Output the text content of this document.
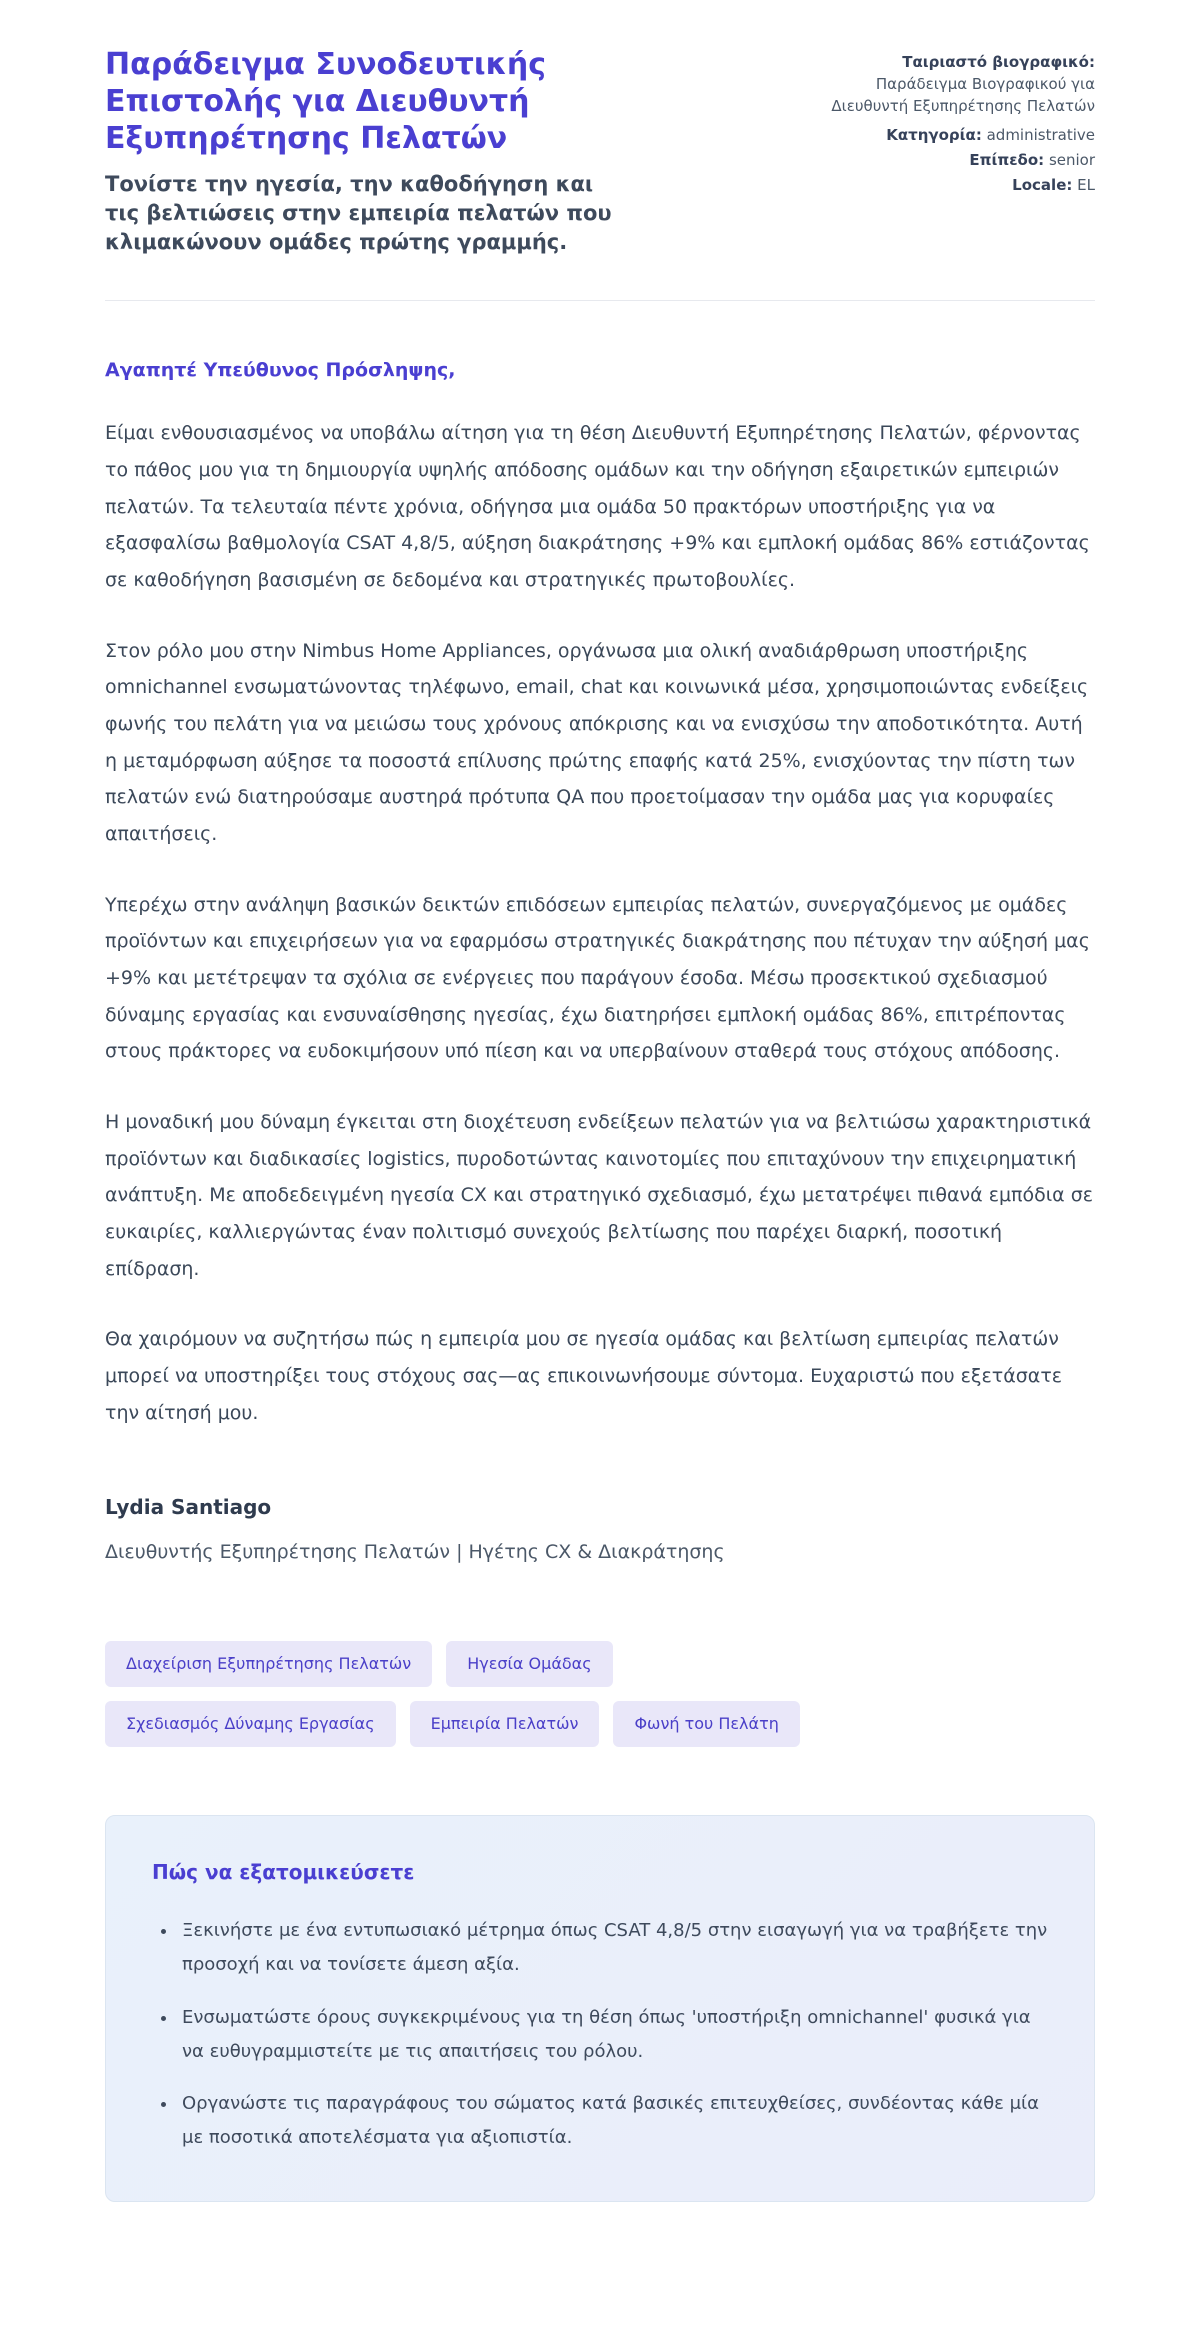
Παράδειγμα Συνοδευτικής Επιστολής για Διευθυντή Εξυπηρέτησης Πελατών

Τονίστε την ηγεσία, την καθοδήγηση και τις βελτιώσεις στην εμπειρία πελατών που κλιμακώνουν ομάδες πρώτης γραμμής.

Ταιριαστό βιογραφικό:
Παράδειγμα Βιογραφικού για Διευθυντή Εξυπηρέτησης Πελατών
Κατηγορία: administrative
Επίπεδο: senior
Locale: EL

Αγαπητέ Υπεύθυνος Πρόσληψης,

Είμαι ενθουσιασμένος να υποβάλω αίτηση για τη θέση Διευθυντή Εξυπηρέτησης Πελατών, φέρνοντας το πάθος μου για τη δημιουργία υψηλής απόδοσης ομάδων και την οδήγηση εξαιρετικών εμπειριών πελατών. Τα τελευταία πέντε χρόνια, οδήγησα μια ομάδα 50 πρακτόρων υποστήριξης για να εξασφαλίσω βαθμολογία CSAT 4,8/5, αύξηση διακράτησης +9% και εμπλοκή ομάδας 86% εστιάζοντας σε καθοδήγηση βασισμένη σε δεδομένα και στρατηγικές πρωτοβουλίες.

Στον ρόλο μου στην Nimbus Home Appliances, οργάνωσα μια ολική αναδιάρθρωση υποστήριξης omnichannel ενσωματώνοντας τηλέφωνο, email, chat και κοινωνικά μέσα, χρησιμοποιώντας ενδείξεις φωνής του πελάτη για να μειώσω τους χρόνους απόκρισης και να ενισχύσω την αποδοτικότητα. Αυτή η μεταμόρφωση αύξησε τα ποσοστά επίλυσης πρώτης επαφής κατά 25%, ενισχύοντας την πίστη των πελατών ενώ διατηρούσαμε αυστηρά πρότυπα QA που προετοίμασαν την ομάδα μας για κορυφαίες απαιτήσεις.

Υπερέχω στην ανάληψη βασικών δεικτών επιδόσεων εμπειρίας πελατών, συνεργαζόμενος με ομάδες προϊόντων και επιχειρήσεων για να εφαρμόσω στρατηγικές διακράτησης που πέτυχαν την αύξησή μας +9% και μετέτρεψαν τα σχόλια σε ενέργειες που παράγουν έσοδα. Μέσω προσεκτικού σχεδιασμού δύναμης εργασίας και ενσυναίσθησης ηγεσίας, έχω διατηρήσει εμπλοκή ομάδας 86%, επιτρέποντας στους πράκτορες να ευδοκιμήσουν υπό πίεση και να υπερβαίνουν σταθερά τους στόχους απόδοσης.

Η μοναδική μου δύναμη έγκειται στη διοχέτευση ενδείξεων πελατών για να βελτιώσω χαρακτηριστικά προϊόντων και διαδικασίες logistics, πυροδοτώντας καινοτομίες που επιταχύνουν την επιχειρηματική ανάπτυξη. Με αποδεδειγμένη ηγεσία CX και στρατηγικό σχεδιασμό, έχω μετατρέψει πιθανά εμπόδια σε ευκαιρίες, καλλιεργώντας έναν πολιτισμό συνεχούς βελτίωσης που παρέχει διαρκή, ποσοτική επίδραση.

Θα χαιρόμουν να συζητήσω πώς η εμπειρία μου σε ηγεσία ομάδας και βελτίωση εμπειρίας πελατών μπορεί να υποστηρίξει τους στόχους σας—ας επικοινωνήσουμε σύντομα. Ευχαριστώ που εξετάσατε την αίτησή μου.

Lydia Santiago
Διευθυντής Εξυπηρέτησης Πελατών | Ηγέτης CX & Διακράτησης
Διαχείριση Εξυπηρέτησης Πελατών	Ηγεσία Ομάδας
Σχεδιασμός Δύναμης Εργασίας	Εμπειρία Πελατών	Φωνή του Πελάτη
Πώς να εξατομικεύσετε
• Ξεκινήστε με ένα εντυπωσιακό μέτρημα όπως CSAT 4,8/5 στην εισαγωγή για να τραβήξετε την προσοχή και να τονίσετε άμεση αξία.
• Ενσωματώστε όρους συγκεκριμένους για τη θέση όπως 'υποστήριξη omnichannel' φυσικά για να ευθυγραμμιστείτε με τις απαιτήσεις του ρόλου.
• Οργανώστε τις παραγράφους του σώματος κατά βασικές επιτευχθείσες, συνδέοντας κάθε μία με ποσοτικά αποτελέσματα για αξιοπιστία.
